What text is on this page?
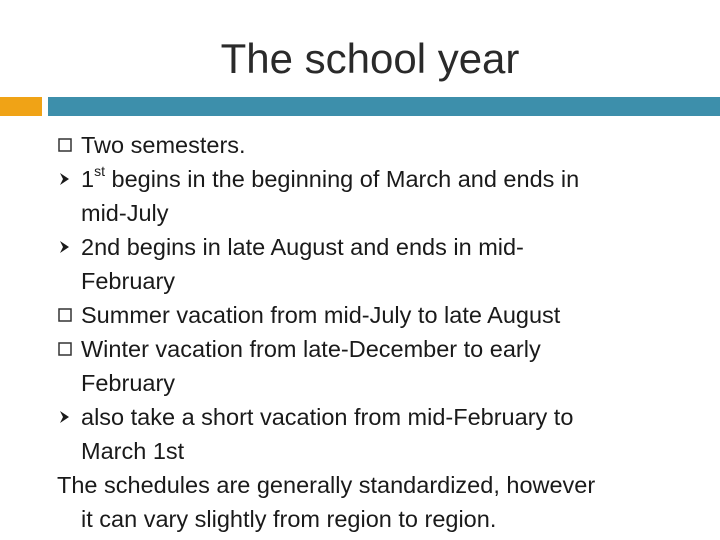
The school year
Two semesters.
1st begins in the beginning of March and ends in
mid-July
2nd begins in late August and ends in mid-
February
Summer vacation from mid-July to late August
Winter vacation from late-December to early
February
also take a short vacation from mid-February to
March 1st
The schedules are generally standardized, however
it can vary slightly from region to region.
